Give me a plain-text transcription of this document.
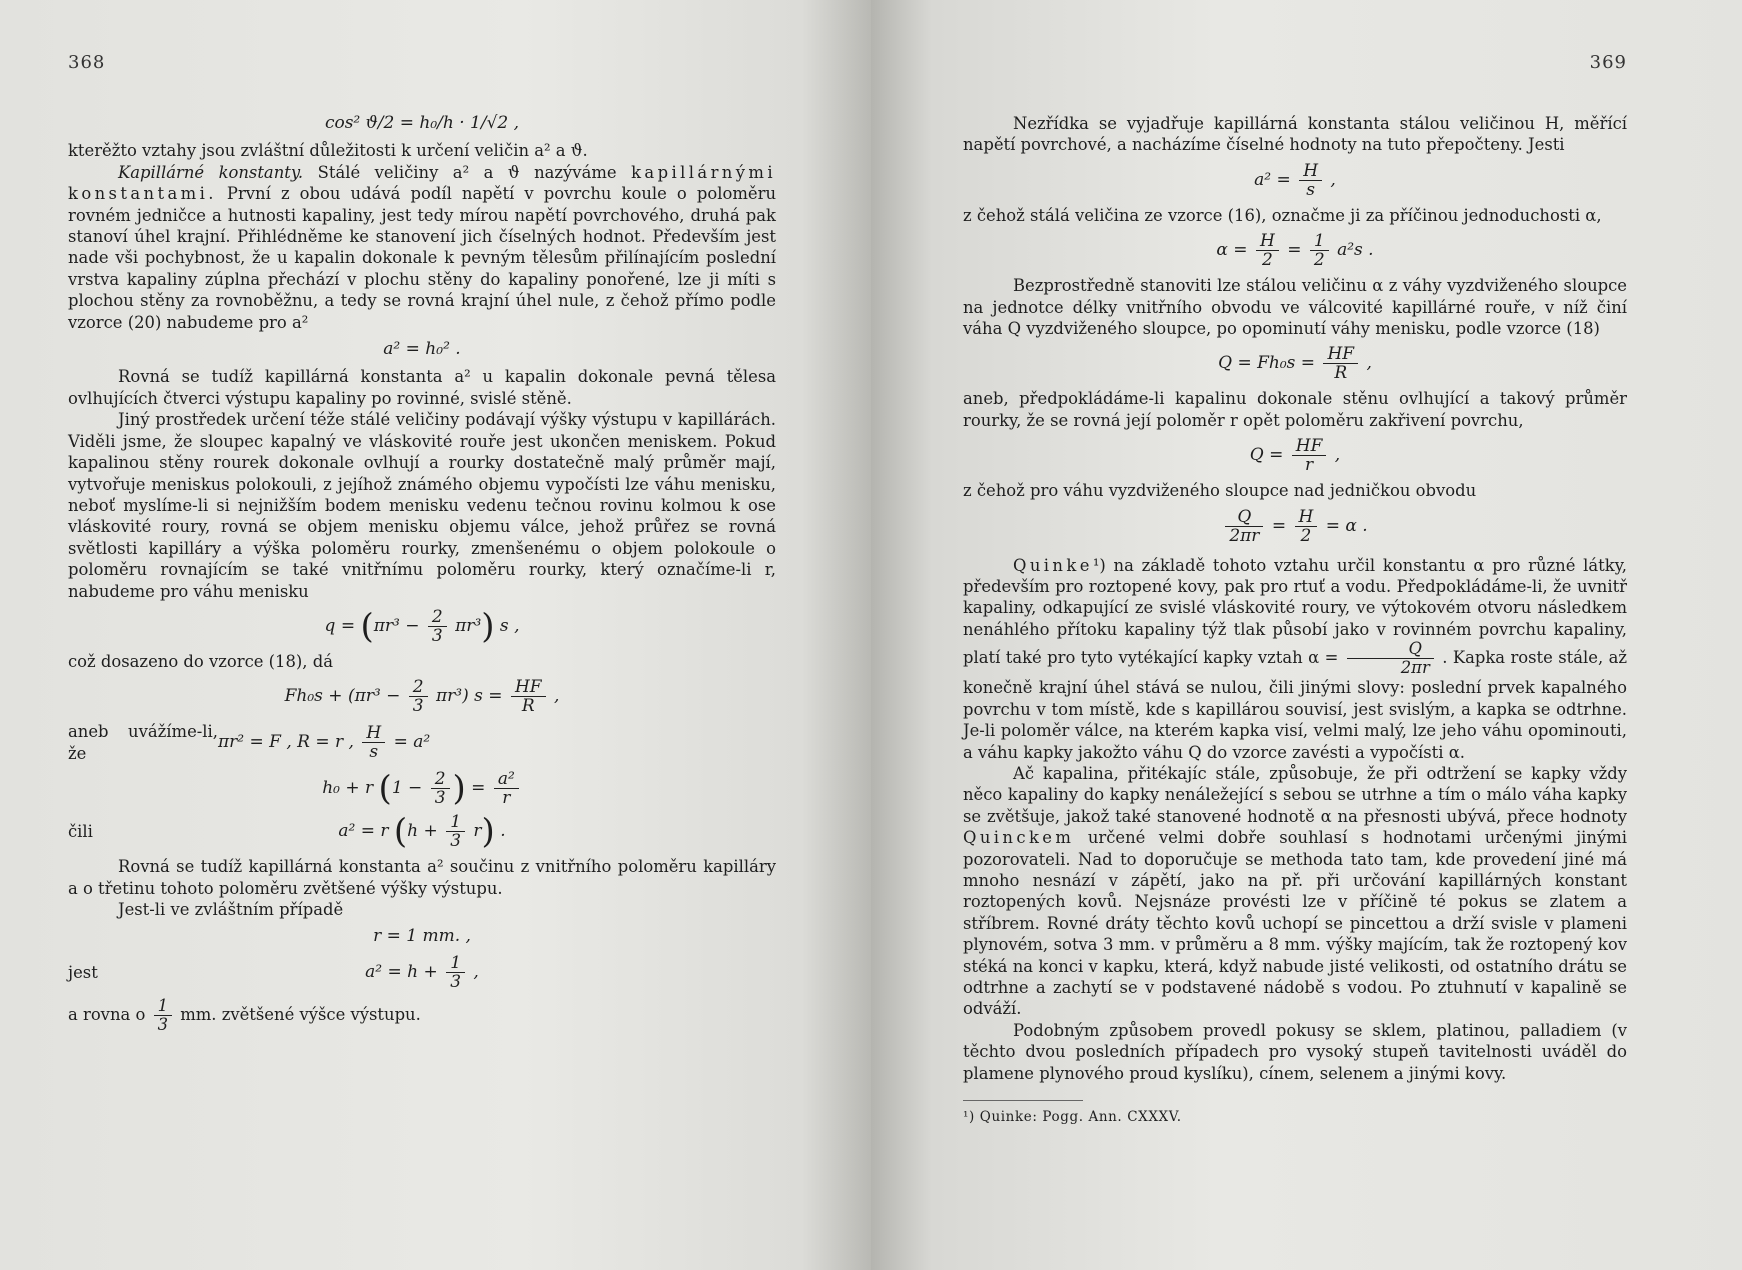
368
cos² ϑ/2 = h₀/h · 1/√2 ,

kterěžto vztahy jsou zvláštní důležitosti k určení veličin a² a ϑ.

Kapillárné konstanty. Stálé veličiny a² a ϑ nazýváme kapillárnými konstantami. První z obou udává podíl napětí v povrchu koule o poloměru rovném jedničce a hutnosti kapaliny, jest tedy mírou napětí povrchového, druhá pak stanoví úhel krajní. Přihlédněme ke stanovení jich číselných hodnot. Především jest nade vši pochybnost, že u kapalin dokonale k pevným tělesům přilínajícím poslední vrstva kapaliny zúplna přechází v plochu stěny do kapaliny ponořené, lze ji míti s plochou stěny za rovnoběžnu, a tedy se rovná krajní úhel nule, z čehož přímo podle vzorce (20) nabudeme pro a²

a² = h₀² .

Rovná se tudíž kapillárná konstanta a² u kapalin dokonale pevná tělesa ovlhujících čtverci výstupu kapaliny po rovinné, svislé stěně.

Jiný prostředek určení téže stálé veličiny podávají výšky výstupu v kapillárách. Viděli jsme, že sloupec kapalný ve vláskovité rouře jest ukončen meniskem. Pokud kapalinou stěny rourek dokonale ovlhují a rourky dostatečně malý průměr mají, vytvořuje meniskus polokouli, z jejíhož známého objemu vypočísti lze váhu menisku, neboť myslíme-li si nejnižším bodem menisku vedenu tečnou rovinu kolmou k ose vláskovité roury, rovná se objem menisku objemu válce, jehož průřez se rovná světlosti kapilláry a výška poloměru rourky, zmenšenému o objem polokoule o poloměru rovnajícím se také vnitřnímu poloměru rourky, který označíme-li r, nabudeme pro váhu menisku

$q = (\pi r^3 - \frac{2}{3} \pi r^3)$ s ,

což dosazeno do vzorce (18), dá

$Fh_0s + (\pi r^3 - \frac{2}{3} \pi r^3)$ $s = \frac{HF}{R}$ ,
aneb uvážíme-li, že
πr² = F , R = r , $\frac{H}{s} = a^2$
h₀ + r ($1 - \frac{2}{3}$ ) = $\frac{\text{a²}}{r}$
čili	a² = r $(h + \frac{1}{3} r)$ .

Rovná se tudíž kapillárná konstanta a² součinu z vnitřního poloměru kapilláry a o třetinu tohoto poloměru zvětšené výšky výstupu.

Jest-li ve zvláštním případě

r = 1 mm. ,
jest	$a^2 = h + \frac{1}{3}$ ,

a rovna o $\frac{1}{3}$ mm. zvětšené výšce výstupu.

369

Nezřídka se vyjadřuje kapillárná konstanta stálou veličinou H, měřící napětí povrchové, a nacházíme číselné hodnoty na tuto přepočteny. Jesti

$a^2 = \frac{H}{s}$ ,

z čehož stálá veličina ze vzorce (16), označme ji za příčinou jednoduchosti α,

$\alpha = \frac{H}{2} = \frac{1}{2} a^2s$ .

Bezprostředně stanoviti lze stálou veličinu α z váhy vyzdviženého sloupce na jednotce délky vnitřního obvodu ve válcovité kapillárné rouře, v níž činí váha Q vyzdviženého sloupce, po opominutí váhy menisku, podle vzorce (18)

$Q = Fh_0s = \frac{HF}{R}$ ,

aneb, předpokládáme-li kapalinu dokonale stěnu ovlhující a takový průměr rourky, že se rovná její poloměr r opět poloměru zakřivení povrchu,

$Q = \frac{HF}{r}$ ,

z čehož pro váhu vyzdviženého sloupce nad jedničkou obvodu

$\frac{Q}{2\pi r} = \frac{H}{2} = \alpha$ .

Quinke¹) na základě tohoto vztahu určil konstantu α pro různé látky, především pro roztopené kovy, pak pro rtuť a vodu. Předpokládáme-li, že uvnitř kapaliny, odkapující ze svislé vláskovité roury, ve výtokovém otvoru následkem nenáhlého přítoku kapaliny týž tlak působí jako v rovinném povrchu kapaliny, platí také pro tyto vytékající kapky vztah $\alpha = \frac{Q}{2\pi r}$ . Kapka roste stále, až konečně krajní úhel stává se nulou, čili jinými slovy: poslední prvek kapalného povrchu v tom místě, kde s kapillárou souvisí, jest svislým, a kapka se odtrhne. Je-li poloměr válce, na kterém kapka visí, velmi malý, lze jeho váhu opominouti, a váhu kapky jakožto váhu Q do vzorce zavésti a vypočísti α.

Ač kapalina, přitékajíc stále, způsobuje, že při odtržení se kapky vždy něco kapaliny do kapky nenáležející s sebou se utrhne a tím o málo váha kapky se zvětšuje, jakož také stanovené hodnotě α na přesnosti ubývá, přece hodnoty Quinckem určené velmi dobře souhlasí s hodnotami určenými jinými pozorovateli. Nad to doporučuje se methoda tato tam, kde provedení jiné má mnoho nesnází v zápětí, jako na př. při určování kapillárných konstant roztopených kovů. Nejsnáze provésti lze v příčině té pokus se zlatem a stříbrem. Rovné dráty těchto kovů uchopí se pincettou a drží svisle v plameni plynovém, sotva 3 mm. v průměru a 8 mm. výšky majícím, tak že roztopený kov stéká na konci v kapku, která, když nabude jisté velikosti, od ostatního drátu se odtrhne a zachytí se v podstavené nádobě s vodou. Po ztuhnutí v kapalině se odváží.

Podobným způsobem provedl pokusy se sklem, platinou, palladiem (v těchto dvou posledních případech pro vysoký stupeň tavitelnosti uváděl do plamene plynového proud kyslíku), cínem, selenem a jinými kovy.

¹) Quinke: Pogg. Ann. CXXXV.
